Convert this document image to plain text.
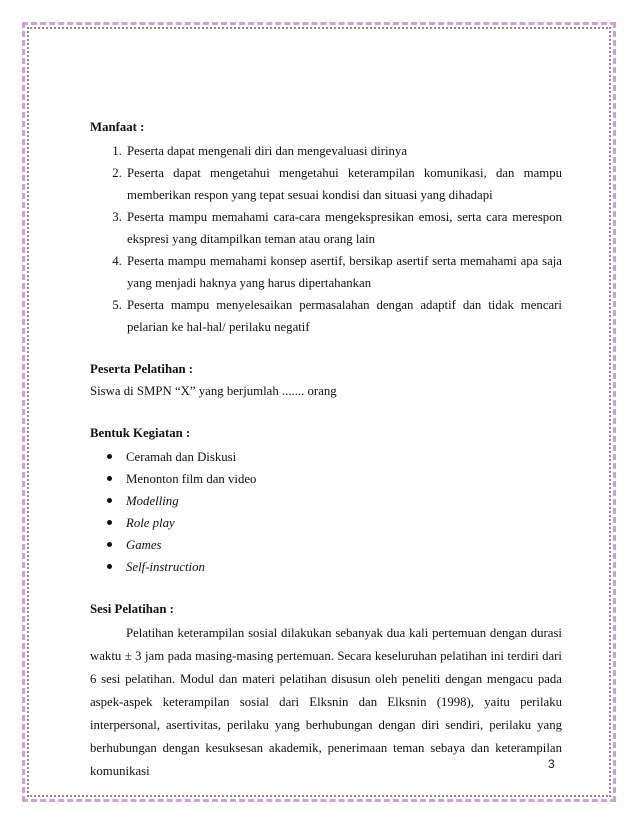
Manfaat :

1. Peserta dapat mengenali diri dan mengevaluasi dirinya
2. Peserta dapat mengetahui mengetahui keterampilan komunikasi, dan mampu memberikan respon yang tepat sesuai kondisi dan situasi yang dihadapi
3. Peserta mampu memahami cara-cara mengekspresikan emosi, serta cara merespon ekspresi yang ditampilkan teman atau orang lain
4. Peserta mampu memahami konsep asertif, bersikap asertif serta memahami apa saja yang menjadi haknya yang harus dipertahankan
5. Peserta mampu menyelesaikan permasalahan dengan adaptif dan tidak mencari pelarian ke hal-hal/ perilaku negatif

Peserta Pelatihan :

Siswa di SMPN “X” yang berjumlah ....... orang

Bentuk Kegiatan :

Ceramah dan Diskusi
Menonton film dan video
Modelling
Role play
Games
Self-instruction

Sesi Pelatihan :

Pelatihan keterampilan sosial dilakukan sebanyak dua kali pertemuan dengan durasi waktu ± 3 jam pada masing-masing pertemuan. Secara keseluruhan pelatihan ini terdiri dari 6 sesi pelatihan. Modul dan materi pelatihan disusun oleh peneliti dengan mengacu pada aspek-aspek keterampilan sosial dari Elksnin dan Elksnin (1998), yaitu perilaku interpersonal, asertivitas, perilaku yang berhubungan dengan diri sendiri, perilaku yang berhubungan dengan kesuksesan akademik, penerimaan teman sebaya dan keterampilan komunikasi	3
